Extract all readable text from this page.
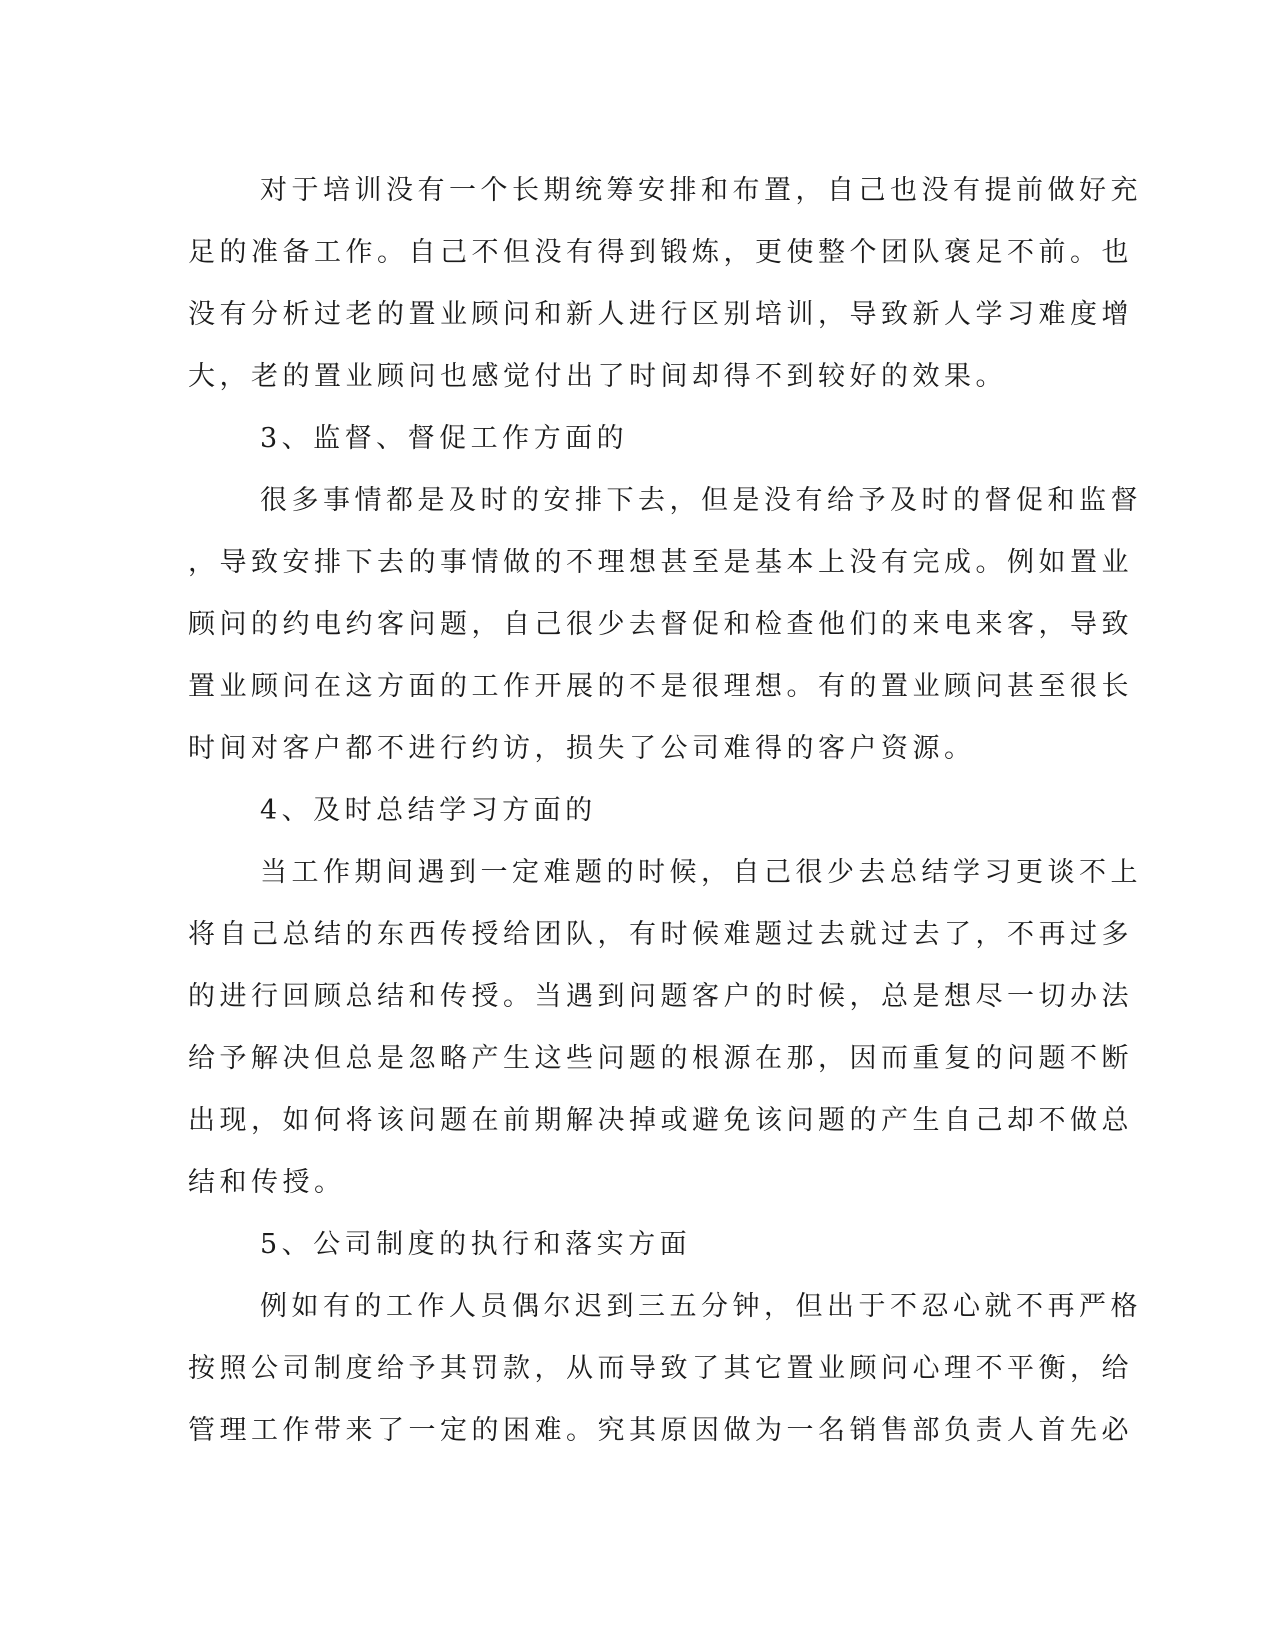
对于培训没有一个长期统筹安排和布置，自己也没有提前做好充
足的准备工作。自己不但没有得到锻炼，更使整个团队褒足不前。也
没有分析过老的置业顾问和新人进行区别培训，导致新人学习难度增
大，老的置业顾问也感觉付出了时间却得不到较好的效果。
3、监督、督促工作方面的
很多事情都是及时的安排下去，但是没有给予及时的督促和监督
，导致安排下去的事情做的不理想甚至是基本上没有完成。例如置业
顾问的约电约客问题，自己很少去督促和检查他们的来电来客，导致
置业顾问在这方面的工作开展的不是很理想。有的置业顾问甚至很长
时间对客户都不进行约访，损失了公司难得的客户资源。
4、及时总结学习方面的
当工作期间遇到一定难题的时候，自己很少去总结学习更谈不上
将自己总结的东西传授给团队，有时候难题过去就过去了，不再过多
的进行回顾总结和传授。当遇到问题客户的时候，总是想尽一切办法
给予解决但总是忽略产生这些问题的根源在那，因而重复的问题不断
出现，如何将该问题在前期解决掉或避免该问题的产生自己却不做总
结和传授。
5、公司制度的执行和落实方面
例如有的工作人员偶尔迟到三五分钟，但出于不忍心就不再严格
按照公司制度给予其罚款，从而导致了其它置业顾问心理不平衡，给
管理工作带来了一定的困难。究其原因做为一名销售部负责人首先必
